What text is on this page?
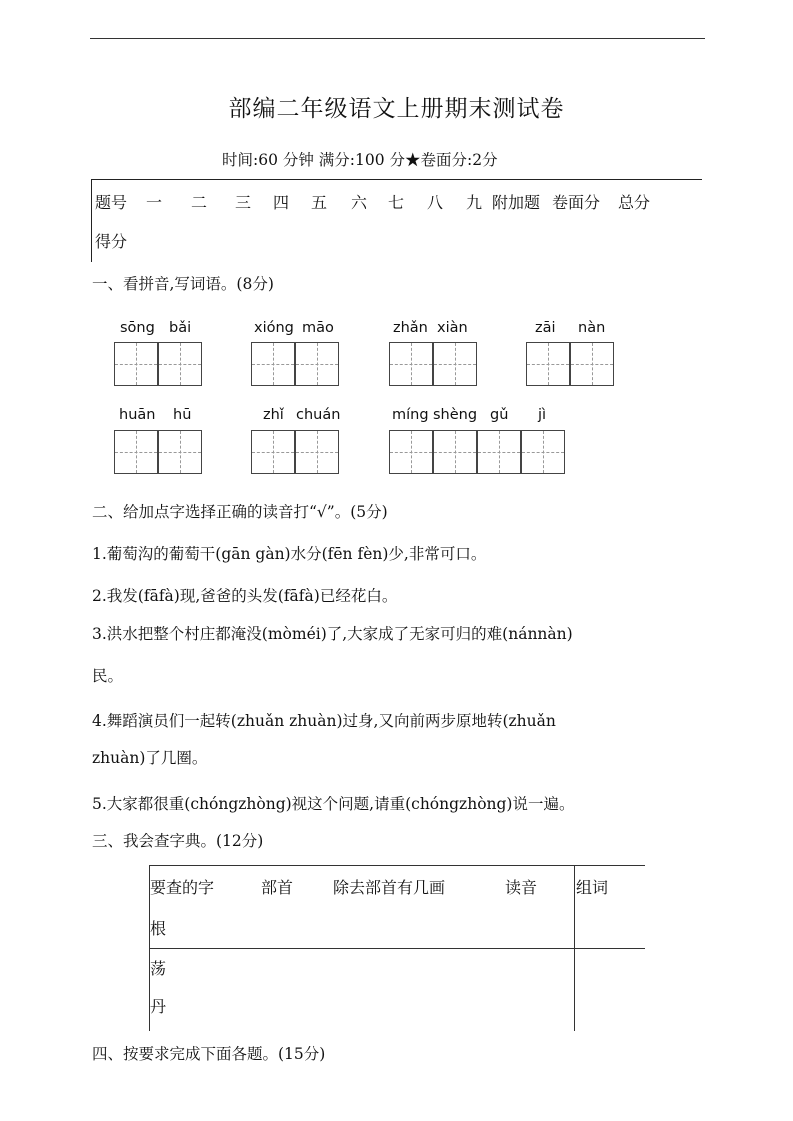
部编二年级语文上册期末测试卷
时间:60 分钟 满分:100 分★卷面分:2分
题号 一 二 三 四 五 六 七 八 九 附加题 卷面分 总分
得分
一、看拼音,写词语。(8分)
sōng bǎi	xióng māo	zhǎn xiàn	zāi nàn
huān hū	zhǐ chuán	míng shèng gǔ jì
二、给加点字选择正确的读音打“√”。(5分)
1.葡萄沟的葡萄干(gān gàn)水分(fēn fèn)少,非常可口。
2.我发(fāfà)现,爸爸的头发(fāfà)已经花白。
3.洪水把整个村庄都淹没(mòméi)了,大家成了无家可归的难(nánnàn)
民。
4.舞蹈演员们一起转(zhuǎn zhuàn)过身,又向前两步原地转(zhuǎn
zhuàn)了几圈。
5.大家都很重(chóngzhòng)视这个问题,请重(chóngzhòng)说一遍。
三、我会查字典。(12分)
要查的字	部首 除去部首有几画	读音 组词
根
荡
丹
四、按要求完成下面各题。(15分)
